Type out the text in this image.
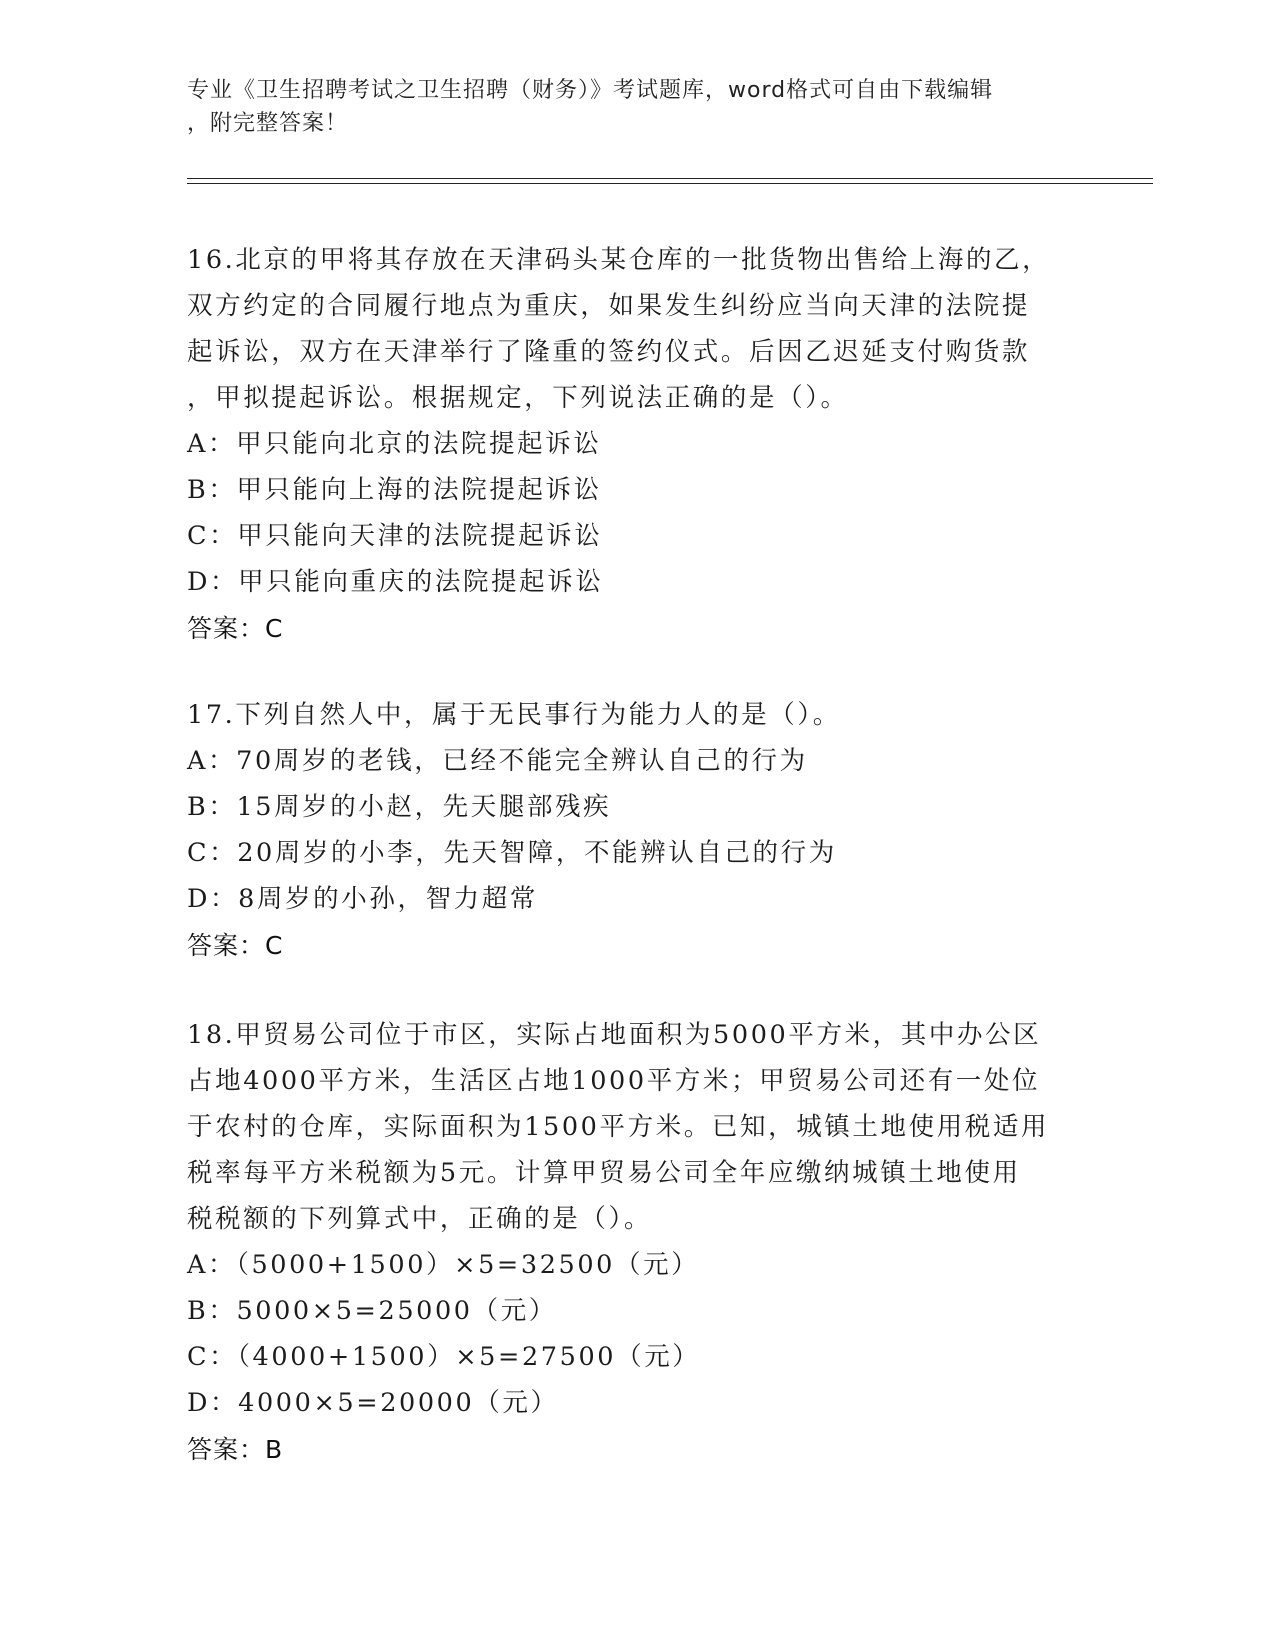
专业《卫生招聘考试之卫生招聘（财务）》考试题库，word格式可自由下载编辑
，附完整答案！

16.北京的甲将其存放在天津码头某仓库的一批货物出售给上海的乙，

双方约定的合同履行地点为重庆，如果发生纠纷应当向天津的法院提

起诉讼，双方在天津举行了隆重的签约仪式。后因乙迟延支付购货款

，甲拟提起诉讼。根据规定，下列说法正确的是（）。

A：甲只能向北京的法院提起诉讼

B：甲只能向上海的法院提起诉讼

C：甲只能向天津的法院提起诉讼

D：甲只能向重庆的法院提起诉讼

答案：C

17.下列自然人中，属于无民事行为能力人的是（）。

A：70周岁的老钱，已经不能完全辨认自己的行为

B：15周岁的小赵，先天腿部残疾

C：20周岁的小李，先天智障，不能辨认自己的行为

D：8周岁的小孙，智力超常

答案：C

18.甲贸易公司位于市区，实际占地面积为5000平方米，其中办公区

占地4000平方米，生活区占地1000平方米；甲贸易公司还有一处位

于农村的仓库，实际面积为1500平方米。已知，城镇土地使用税适用

税率每平方米税额为5元。计算甲贸易公司全年应缴纳城镇土地使用

税税额的下列算式中，正确的是（）。

A：（5000+1500）×5=32500（元）

B：5000×5=25000（元）

C：（4000+1500）×5=27500（元）

D：4000×5=20000（元）

答案：B
